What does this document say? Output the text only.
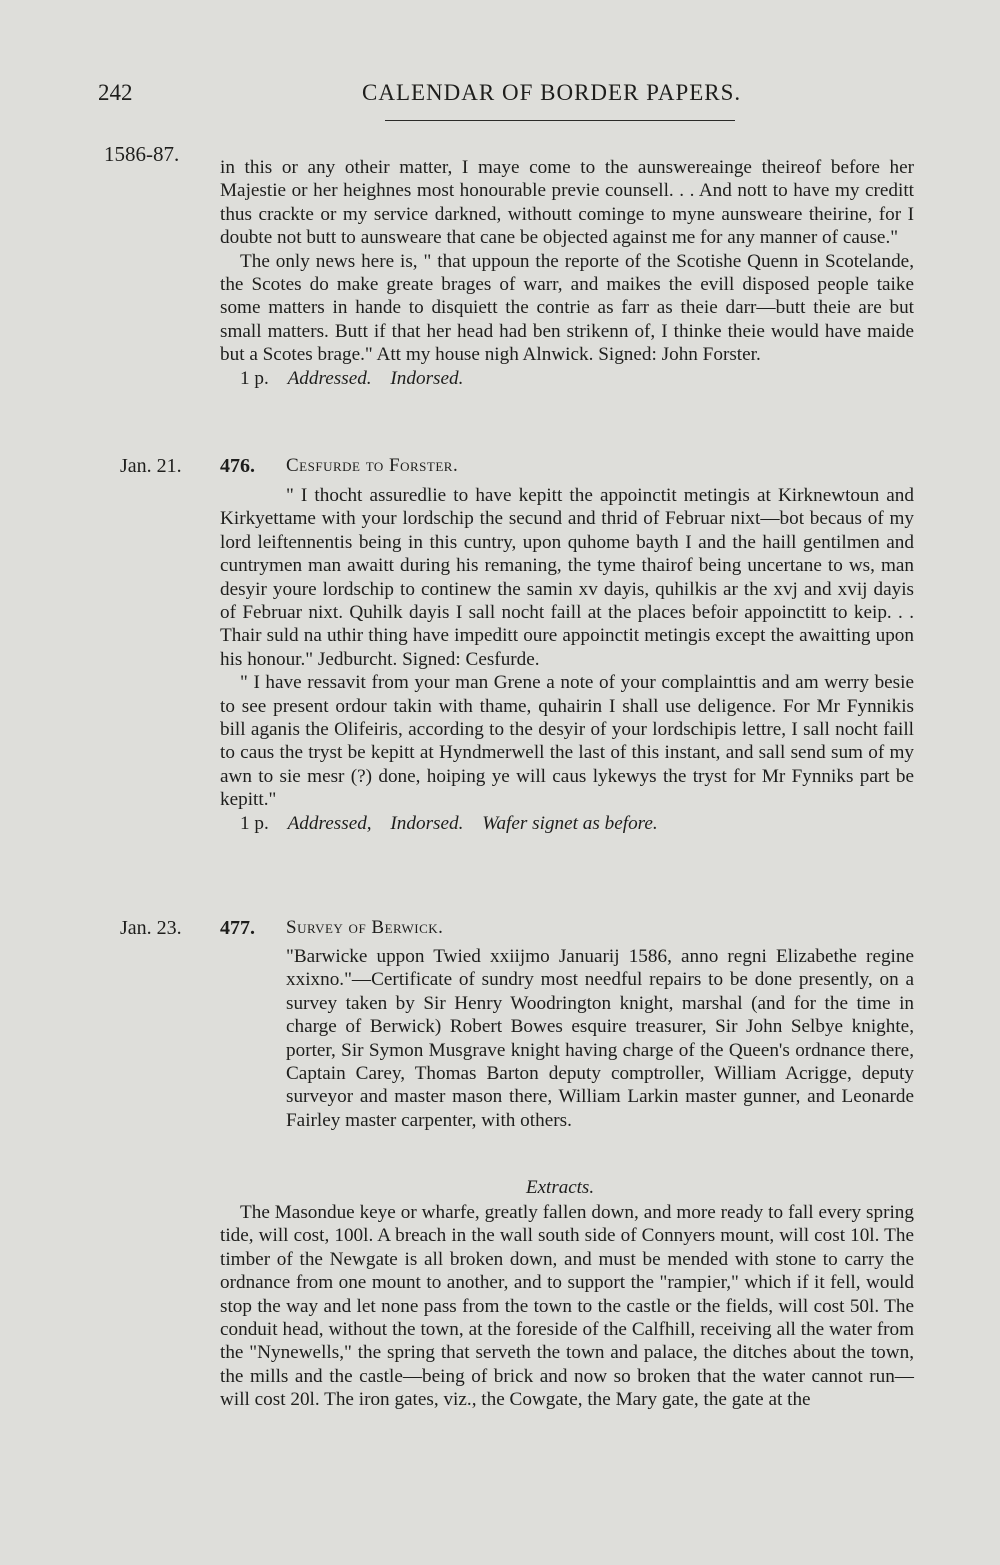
242	CALENDAR OF BORDER PAPERS.
1586-87.

in this or any otheir matter, I maye come to the aunswereainge theireof before her Majestie or her heighnes most honourable previe counsell. . . And nott to have my creditt thus crackte or my service darkned, withoutt cominge to myne aunsweare theirine, for I doubte not butt to aunsweare that cane be objected against me for any manner of cause."

The only news here is, " that uppoun the reporte of the Scotishe Quenn in Scotelande, the Scotes do make greate brages of warr, and maikes the evill disposed people taike some matters in hande to disquiett the contrie as farr as theie darr—butt theie are but small matters. Butt if that her head had ben strikenn of, I thinke theie would have maide but a Scotes brage." Att my house nigh Alnwick. Signed: John Forster.

1 p. Addressed. Indorsed.

Jan. 21. 476. Cesfurde to Forster.

" I thocht assuredlie to have kepitt the appoinctit metingis at Kirknewtoun and Kirkyettame with your lordschip the secund and thrid of Februar nixt—bot becaus of my lord leiftennentis being in this cuntry, upon quhome bayth I and the haill gentilmen and cuntrymen man awaitt during his remaning, the tyme thairof being uncertane to ws, man desyir youre lordschip to continew the samin xv dayis, quhilkis ar the xvj and xvij dayis of Februar nixt. Quhilk dayis I sall nocht faill at the places befoir appoinctitt to keip. . . Thair suld na uthir thing have impeditt oure appoinctit metingis except the awaitting upon his honour." Jedburcht. Signed: Cesfurde.

" I have ressavit from your man Grene a note of your complainttis and am werry besie to see present ordour takin with thame, quhairin I shall use deligence. For Mr Fynnikis bill aganis the Olifeiris, according to the desyir of your lordschipis lettre, I sall nocht faill to caus the tryst be kepitt at Hyndmerwell the last of this instant, and sall send sum of my awn to sie mesr (?) done, hoiping ye will caus lykewys the tryst for Mr Fynniks part be kepitt."

1 p. Addressed, Indorsed. Wafer signet as before.

Jan. 23. 477. Survey of Berwick.
"Barwicke uppon Twied xxiijmo Januarij 1586, anno regni Elizabethe regine xxixno."—Certificate of sundry most needful repairs to be done presently, on a survey taken by Sir Henry Woodrington knight, marshal (and for the time in charge of Berwick) Robert Bowes esquire treasurer, Sir John Selbye knighte, porter, Sir Symon Musgrave knight having charge of the Queen's ordnance there, Captain Carey, Thomas Barton deputy comptroller, William Acrigge, deputy surveyor and master mason there, William Larkin master gunner, and Leonarde Fairley master carpenter, with others.
Extracts.

The Masondue keye or wharfe, greatly fallen down, and more ready to fall every spring tide, will cost, 100l. A breach in the wall south side of Connyers mount, will cost 10l. The timber of the Newgate is all broken down, and must be mended with stone to carry the ordnance from one mount to another, and to support the "rampier," which if it fell, would stop the way and let none pass from the town to the castle or the fields, will cost 50l. The conduit head, without the town, at the foreside of the Calfhill, receiving all the water from the "Nynewells," the spring that serveth the town and palace, the ditches about the town, the mills and the castle—being of brick and now so broken that the water cannot run—will cost 20l. The iron gates, viz., the Cowgate, the Mary gate, the gate at the
